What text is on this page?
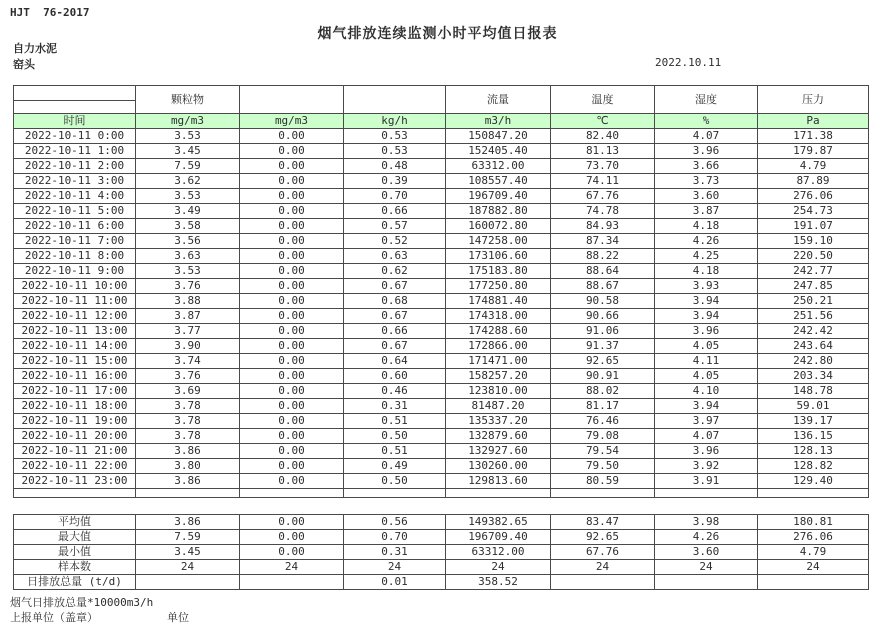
HJT  76-2017
烟气排放连续监测小时平均值日报表
自力水泥
窑头	2022.10.11
	颗粒物			流量	温度	湿度	压力

时间	mg/m3	mg/m3	kg/h	m3/h	℃	%	Pa
2022-10-11 0:00	3.53	0.00	0.53	150847.20	82.40	4.07	171.38
2022-10-11 1:00	3.45	0.00	0.53	152405.40	81.13	3.96	179.87
2022-10-11 2:00	7.59	0.00	0.48	63312.00	73.70	3.66	4.79
2022-10-11 3:00	3.62	0.00	0.39	108557.40	74.11	3.73	87.89
2022-10-11 4:00	3.53	0.00	0.70	196709.40	67.76	3.60	276.06
2022-10-11 5:00	3.49	0.00	0.66	187882.80	74.78	3.87	254.73
2022-10-11 6:00	3.58	0.00	0.57	160072.80	84.93	4.18	191.07
2022-10-11 7:00	3.56	0.00	0.52	147258.00	87.34	4.26	159.10
2022-10-11 8:00	3.63	0.00	0.63	173106.60	88.22	4.25	220.50
2022-10-11 9:00	3.53	0.00	0.62	175183.80	88.64	4.18	242.77
2022-10-11 10:00	3.76	0.00	0.67	177250.80	88.67	3.93	247.85
2022-10-11 11:00	3.88	0.00	0.68	174881.40	90.58	3.94	250.21
2022-10-11 12:00	3.87	0.00	0.67	174318.00	90.66	3.94	251.56
2022-10-11 13:00	3.77	0.00	0.66	174288.60	91.06	3.96	242.42
2022-10-11 14:00	3.90	0.00	0.67	172866.00	91.37	4.05	243.64
2022-10-11 15:00	3.74	0.00	0.64	171471.00	92.65	4.11	242.80
2022-10-11 16:00	3.76	0.00	0.60	158257.20	90.91	4.05	203.34
2022-10-11 17:00	3.69	0.00	0.46	123810.00	88.02	4.10	148.78
2022-10-11 18:00	3.78	0.00	0.31	81487.20	81.17	3.94	59.01
2022-10-11 19:00	3.78	0.00	0.51	135337.20	76.46	3.97	139.17
2022-10-11 20:00	3.78	0.00	0.50	132879.60	79.08	4.07	136.15
2022-10-11 21:00	3.86	0.00	0.51	132927.60	79.54	3.96	128.13
2022-10-11 22:00	3.80	0.00	0.49	130260.00	79.50	3.92	128.82
2022-10-11 23:00	3.86	0.00	0.50	129813.60	80.59	3.91	129.40

平均值	3.86	0.00	0.56	149382.65	83.47	3.98	180.81
最大值	7.59	0.00	0.70	196709.40	92.65	4.26	276.06
最小值	3.45	0.00	0.31	63312.00	67.76	3.60	4.79
样本数	24	24	24	24	24	24	24
日排放总量 (t/d)			0.01	358.52			
烟气日排放总量*10000m3/h
上报单位（盖章）	单位
